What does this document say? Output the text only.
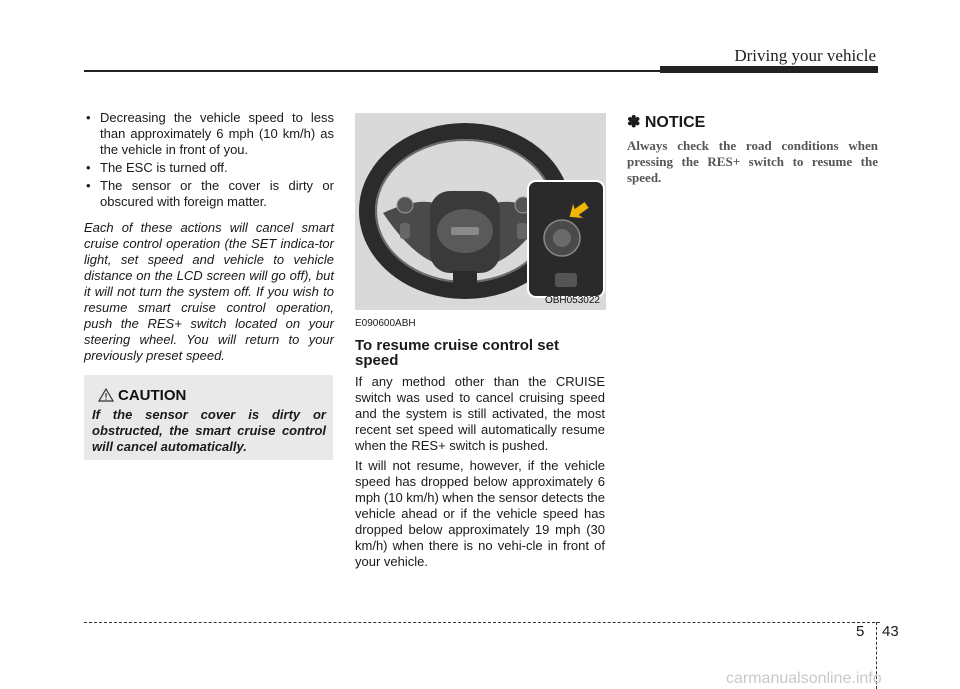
Driving your vehicle
• Decreasing the vehicle speed to less than approximately 6 mph (10 km/h) as the vehicle in front of you.
• The ESC is turned off.
• The sensor or the cover is dirty or obscured with foreign matter.
Each of these actions will cancel smart cruise control operation (the SET indica-tor light, set speed and vehicle to vehicle distance on the LCD screen will go off), but it will not turn the system off. If you wish to resume smart cruise control operation, push the RES+ switch located on your steering wheel. You will return to your previously preset speed.
CAUTION
If the sensor cover is dirty or obstructed, the smart cruise control will cancel automatically.
OBH053022
E090600ABH
To resume cruise control set speed
If any method other than the CRUISE switch was used to cancel cruising speed and the system is still activated, the most recent set speed will automatically resume when the RES+ switch is pushed.
It will not resume, however, if the vehicle speed has dropped below approximately 6 mph (10 km/h) when the sensor detects the vehicle ahead or if the vehicle speed has dropped below approximately 19 mph (30 km/h) when there is no vehi-cle in front of your vehicle.
✽ NOTICE
Always check the road conditions when pressing the RES+ switch to resume the speed.
5 43
carmanualsonline.info
